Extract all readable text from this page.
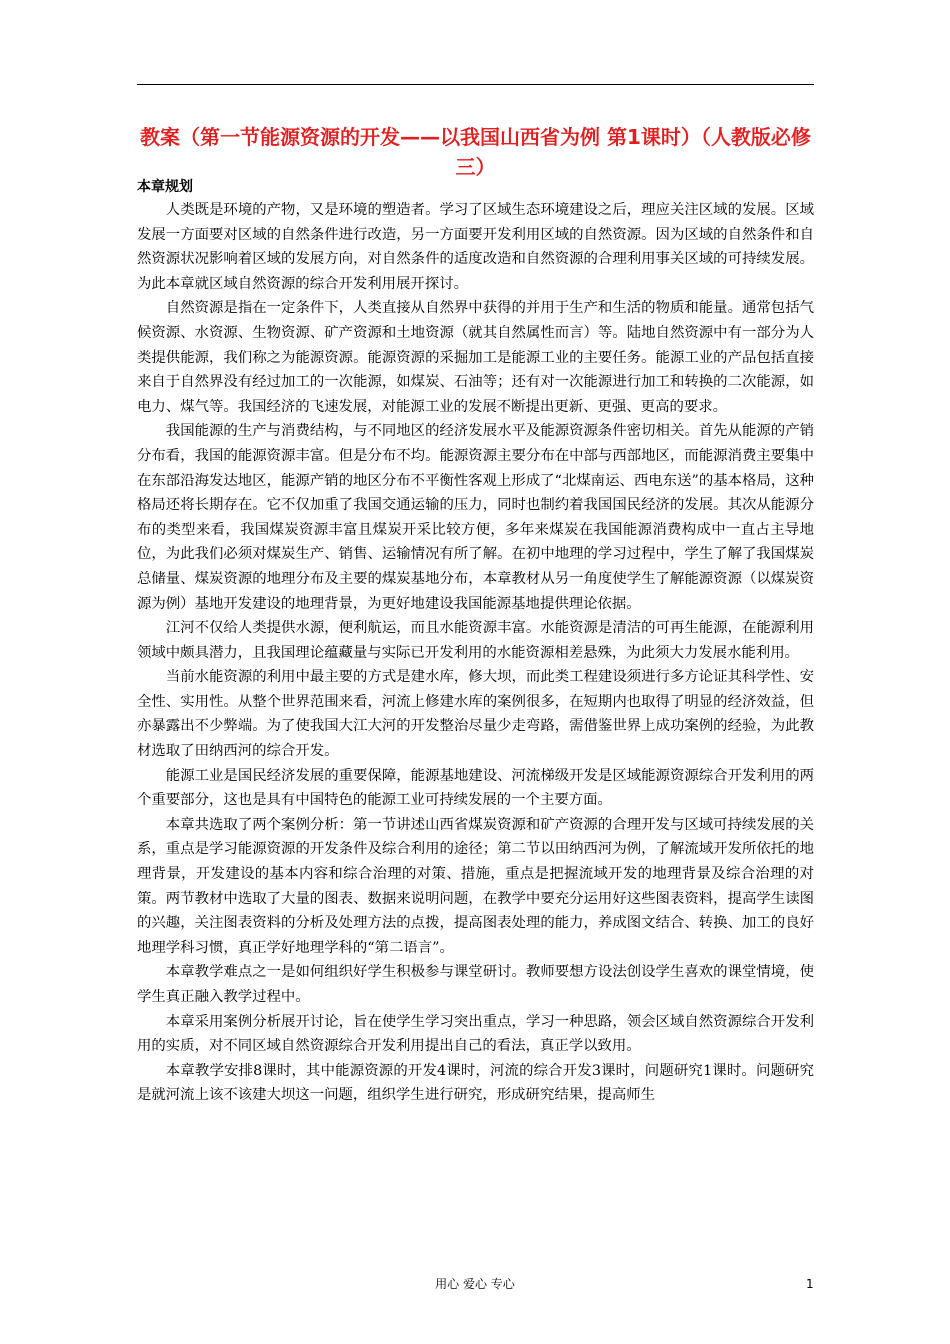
教案（第一节能源资源的开发——以我国山西省为例 第1课时）（人教版必修三）
本章规划

人类既是环境的产物，又是环境的塑造者。学习了区域生态环境建设之后，理应关注区域的发展。区域发展一方面要对区域的自然条件进行改造，另一方面要开发利用区域的自然资源。因为区域的自然条件和自然资源状况影响着区域的发展方向，对自然条件的适度改造和自然资源的合理利用事关区域的可持续发展。为此本章就区域自然资源的综合开发利用展开探讨。

自然资源是指在一定条件下，人类直接从自然界中获得的并用于生产和生活的物质和能量。通常包括气候资源、水资源、生物资源、矿产资源和土地资源（就其自然属性而言）等。陆地自然资源中有一部分为人类提供能源，我们称之为能源资源。能源资源的采掘加工是能源工业的主要任务。能源工业的产品包括直接来自于自然界没有经过加工的一次能源，如煤炭、石油等；还有对一次能源进行加工和转换的二次能源，如电力、煤气等。我国经济的飞速发展，对能源工业的发展不断提出更新、更强、更高的要求。

我国能源的生产与消费结构，与不同地区的经济发展水平及能源资源条件密切相关。首先从能源的产销分布看，我国的能源资源丰富。但是分布不均。能源资源主要分布在中部与西部地区，而能源消费主要集中在东部沿海发达地区，能源产销的地区分布不平衡性客观上形成了“北煤南运、西电东送”的基本格局，这种格局还将长期存在。它不仅加重了我国交通运输的压力，同时也制约着我国国民经济的发展。其次从能源分布的类型来看，我国煤炭资源丰富且煤炭开采比较方便，多年来煤炭在我国能源消费构成中一直占主导地位，为此我们必须对煤炭生产、销售、运输情况有所了解。在初中地理的学习过程中，学生了解了我国煤炭总储量、煤炭资源的地理分布及主要的煤炭基地分布，本章教材从另一角度使学生了解能源资源（以煤炭资源为例）基地开发建设的地理背景，为更好地建设我国能源基地提供理论依据。

江河不仅给人类提供水源，便利航运，而且水能资源丰富。水能资源是清洁的可再生能源，在能源利用领域中颇具潜力，且我国理论蕴藏量与实际已开发利用的水能资源相差悬殊，为此须大力发展水能利用。

当前水能资源的利用中最主要的方式是建水库，修大坝，而此类工程建设须进行多方论证其科学性、安全性、实用性。从整个世界范围来看，河流上修建水库的案例很多，在短期内也取得了明显的经济效益，但亦暴露出不少弊端。为了使我国大江大河的开发整治尽量少走弯路，需借鉴世界上成功案例的经验，为此教材选取了田纳西河的综合开发。

能源工业是国民经济发展的重要保障，能源基地建设、河流梯级开发是区域能源资源综合开发利用的两个重要部分，这也是具有中国特色的能源工业可持续发展的一个主要方面。

本章共选取了两个案例分析：第一节讲述山西省煤炭资源和矿产资源的合理开发与区域可持续发展的关系，重点是学习能源资源的开发条件及综合利用的途径；第二节以田纳西河为例，了解流域开发所依托的地理背景，开发建设的基本内容和综合治理的对策、措施，重点是把握流域开发的地理背景及综合治理的对策。两节教材中选取了大量的图表、数据来说明问题，在教学中要充分运用好这些图表资料，提高学生读图的兴趣，关注图表资料的分析及处理方法的点拨，提高图表处理的能力，养成图文结合、转换、加工的良好地理学科习惯，真正学好地理学科的“第二语言”。

本章教学难点之一是如何组织好学生积极参与课堂研讨。教师要想方设法创设学生喜欢的课堂情境，使学生真正融入教学过程中。

本章采用案例分析展开讨论，旨在使学生学习突出重点，学习一种思路，领会区域自然资源综合开发利用的实质，对不同区域自然资源综合开发利用提出自己的看法，真正学以致用。

本章教学安排8课时，其中能源资源的开发4课时，河流的综合开发3课时，问题研究1课时。问题研究是就河流上该不该建大坝这一问题，组织学生进行研究，形成研究结果，提高师生

用心 爱心 专心	1
